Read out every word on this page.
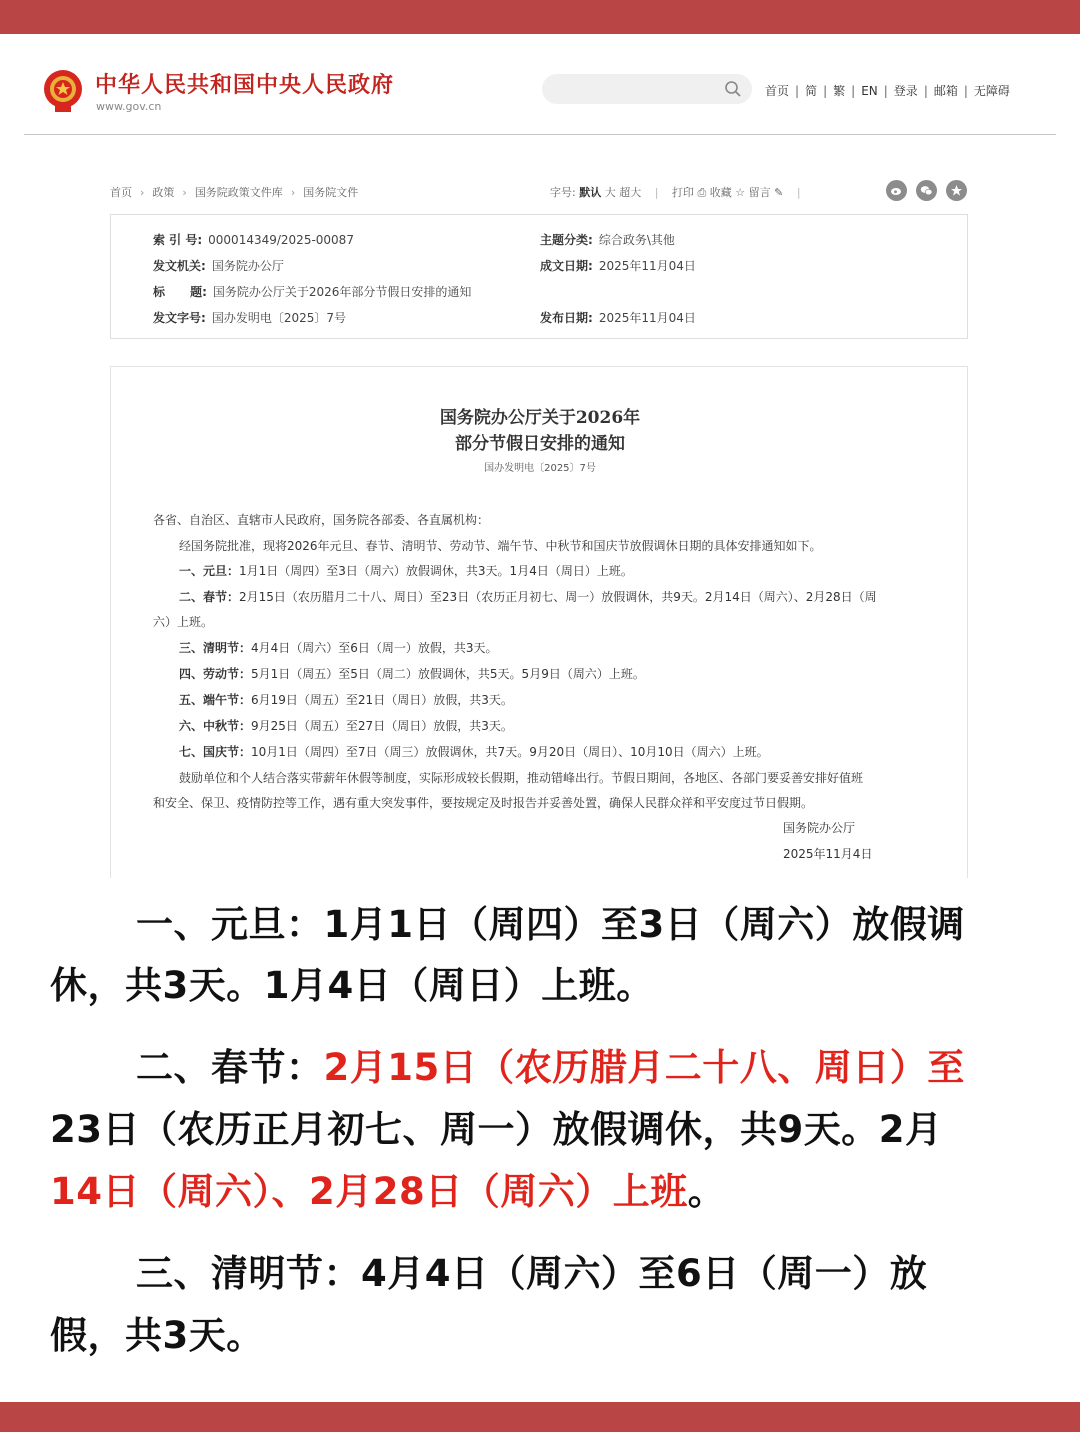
中华人民共和国中央人民政府
www.gov.cn
首页 | 简 | 繁 | EN | 登录 | 邮箱 | 无障碍
首页 › 政策 › 国务院政策文件库 › 国务院文件	字号: 默认 大 超大 | 打印 ⎙ 收藏 ☆ 留言 ✎ |
索 引 号: 000014349/2025-00087
发文机关: 国务院办公厅
标      题: 国务院办公厅关于2026年部分节假日安排的通知
发文字号: 国办发明电〔2025〕7号
主题分类: 综合政务\其他
成文日期: 2025年11月04日
发布日期: 2025年11月04日
国务院办公厅关于2026年
部分节假日安排的通知
国办发明电〔2025〕7号
各省、自治区、直辖市人民政府，国务院各部委、各直属机构：
经国务院批准，现将2026年元旦、春节、清明节、劳动节、端午节、中秋节和国庆节放假调休日期的具体安排通知如下。
一、元旦：1月1日（周四）至3日（周六）放假调休，共3天。1月4日（周日）上班。
二、春节：2月15日（农历腊月二十八、周日）至23日（农历正月初七、周一）放假调休，共9天。2月14日（周六）、2月28日（周
六）上班。
三、清明节：4月4日（周六）至6日（周一）放假，共3天。
四、劳动节：5月1日（周五）至5日（周二）放假调休，共5天。5月9日（周六）上班。
五、端午节：6月19日（周五）至21日（周日）放假，共3天。
六、中秋节：9月25日（周五）至27日（周日）放假，共3天。
七、国庆节：10月1日（周四）至7日（周三）放假调休，共7天。9月20日（周日）、10月10日（周六）上班。
鼓励单位和个人结合落实带薪年休假等制度，实际形成较长假期，推动错峰出行。节假日期间，各地区、各部门要妥善安排好值班
和安全、保卫、疫情防控等工作，遇有重大突发事件，要按规定及时报告并妥善处置，确保人民群众祥和平安度过节日假期。
国务院办公厅
2025年11月4日
一、元旦：1月1日（周四）至3日（周六）放假调
休，共3天。1月4日（周日）上班。
二、春节：2月15日（农历腊月二十八、周日）至
23日（农历正月初七、周一）放假调休，共9天。2月
14日（周六）、2月28日（周六）上班。
三、清明节：4月4日（周六）至6日（周一）放
假，共3天。
